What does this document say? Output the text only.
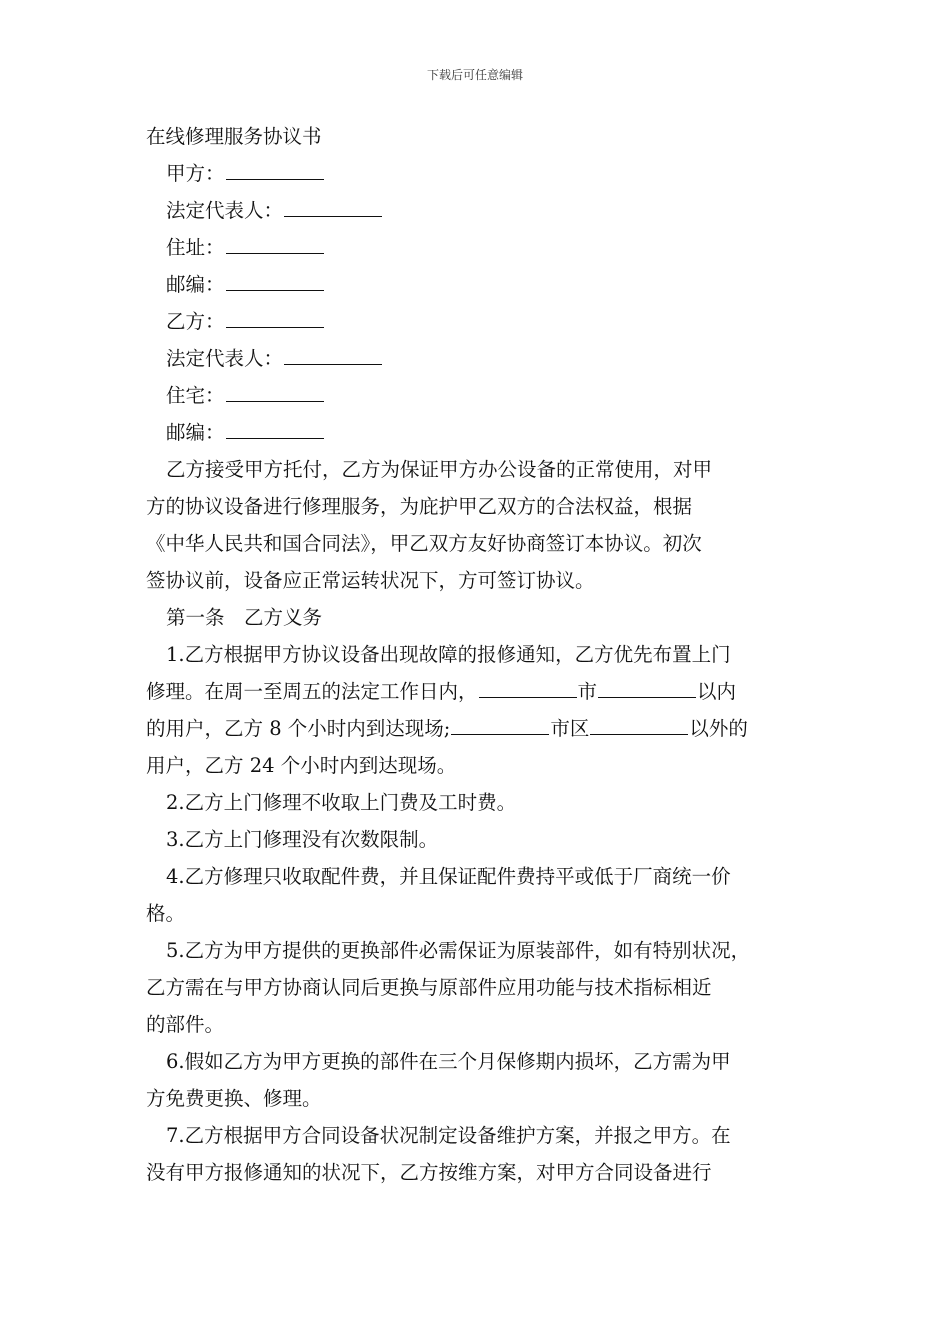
下载后可任意编辑
在线修理服务协议书
甲方：
法定代表人：
住址：
邮编：
乙方：
法定代表人：
住宅：
邮编：
乙方接受甲方托付，乙方为保证甲方办公设备的正常使用，对甲
方的协议设备进行修理服务，为庇护甲乙双方的合法权益，根据
《中华人民共和国合同法》，甲乙双方友好协商签订本协议。初次
签协议前，设备应正常运转状况下，方可签订协议。
第一条　乙方义务
1.乙方根据甲方协议设备出现故障的报修通知，乙方优先布置上门
修理。在周一至周五的法定工作日内，	市	以内
的用户，乙方 8 个小时内到达现场;	市区	以外的
用户，乙方 24 个小时内到达现场。
2.乙方上门修理不收取上门费及工时费。
3.乙方上门修理没有次数限制。
4.乙方修理只收取配件费，并且保证配件费持平或低于厂商统一价
格。
5.乙方为甲方提供的更换部件必需保证为原装部件，如有特别状况，
乙方需在与甲方协商认同后更换与原部件应用功能与技术指标相近
的部件。
6.假如乙方为甲方更换的部件在三个月保修期内损坏，乙方需为甲
方免费更换、修理。
7.乙方根据甲方合同设备状况制定设备维护方案，并报之甲方。在
没有甲方报修通知的状况下，乙方按维方案，对甲方合同设备进行
